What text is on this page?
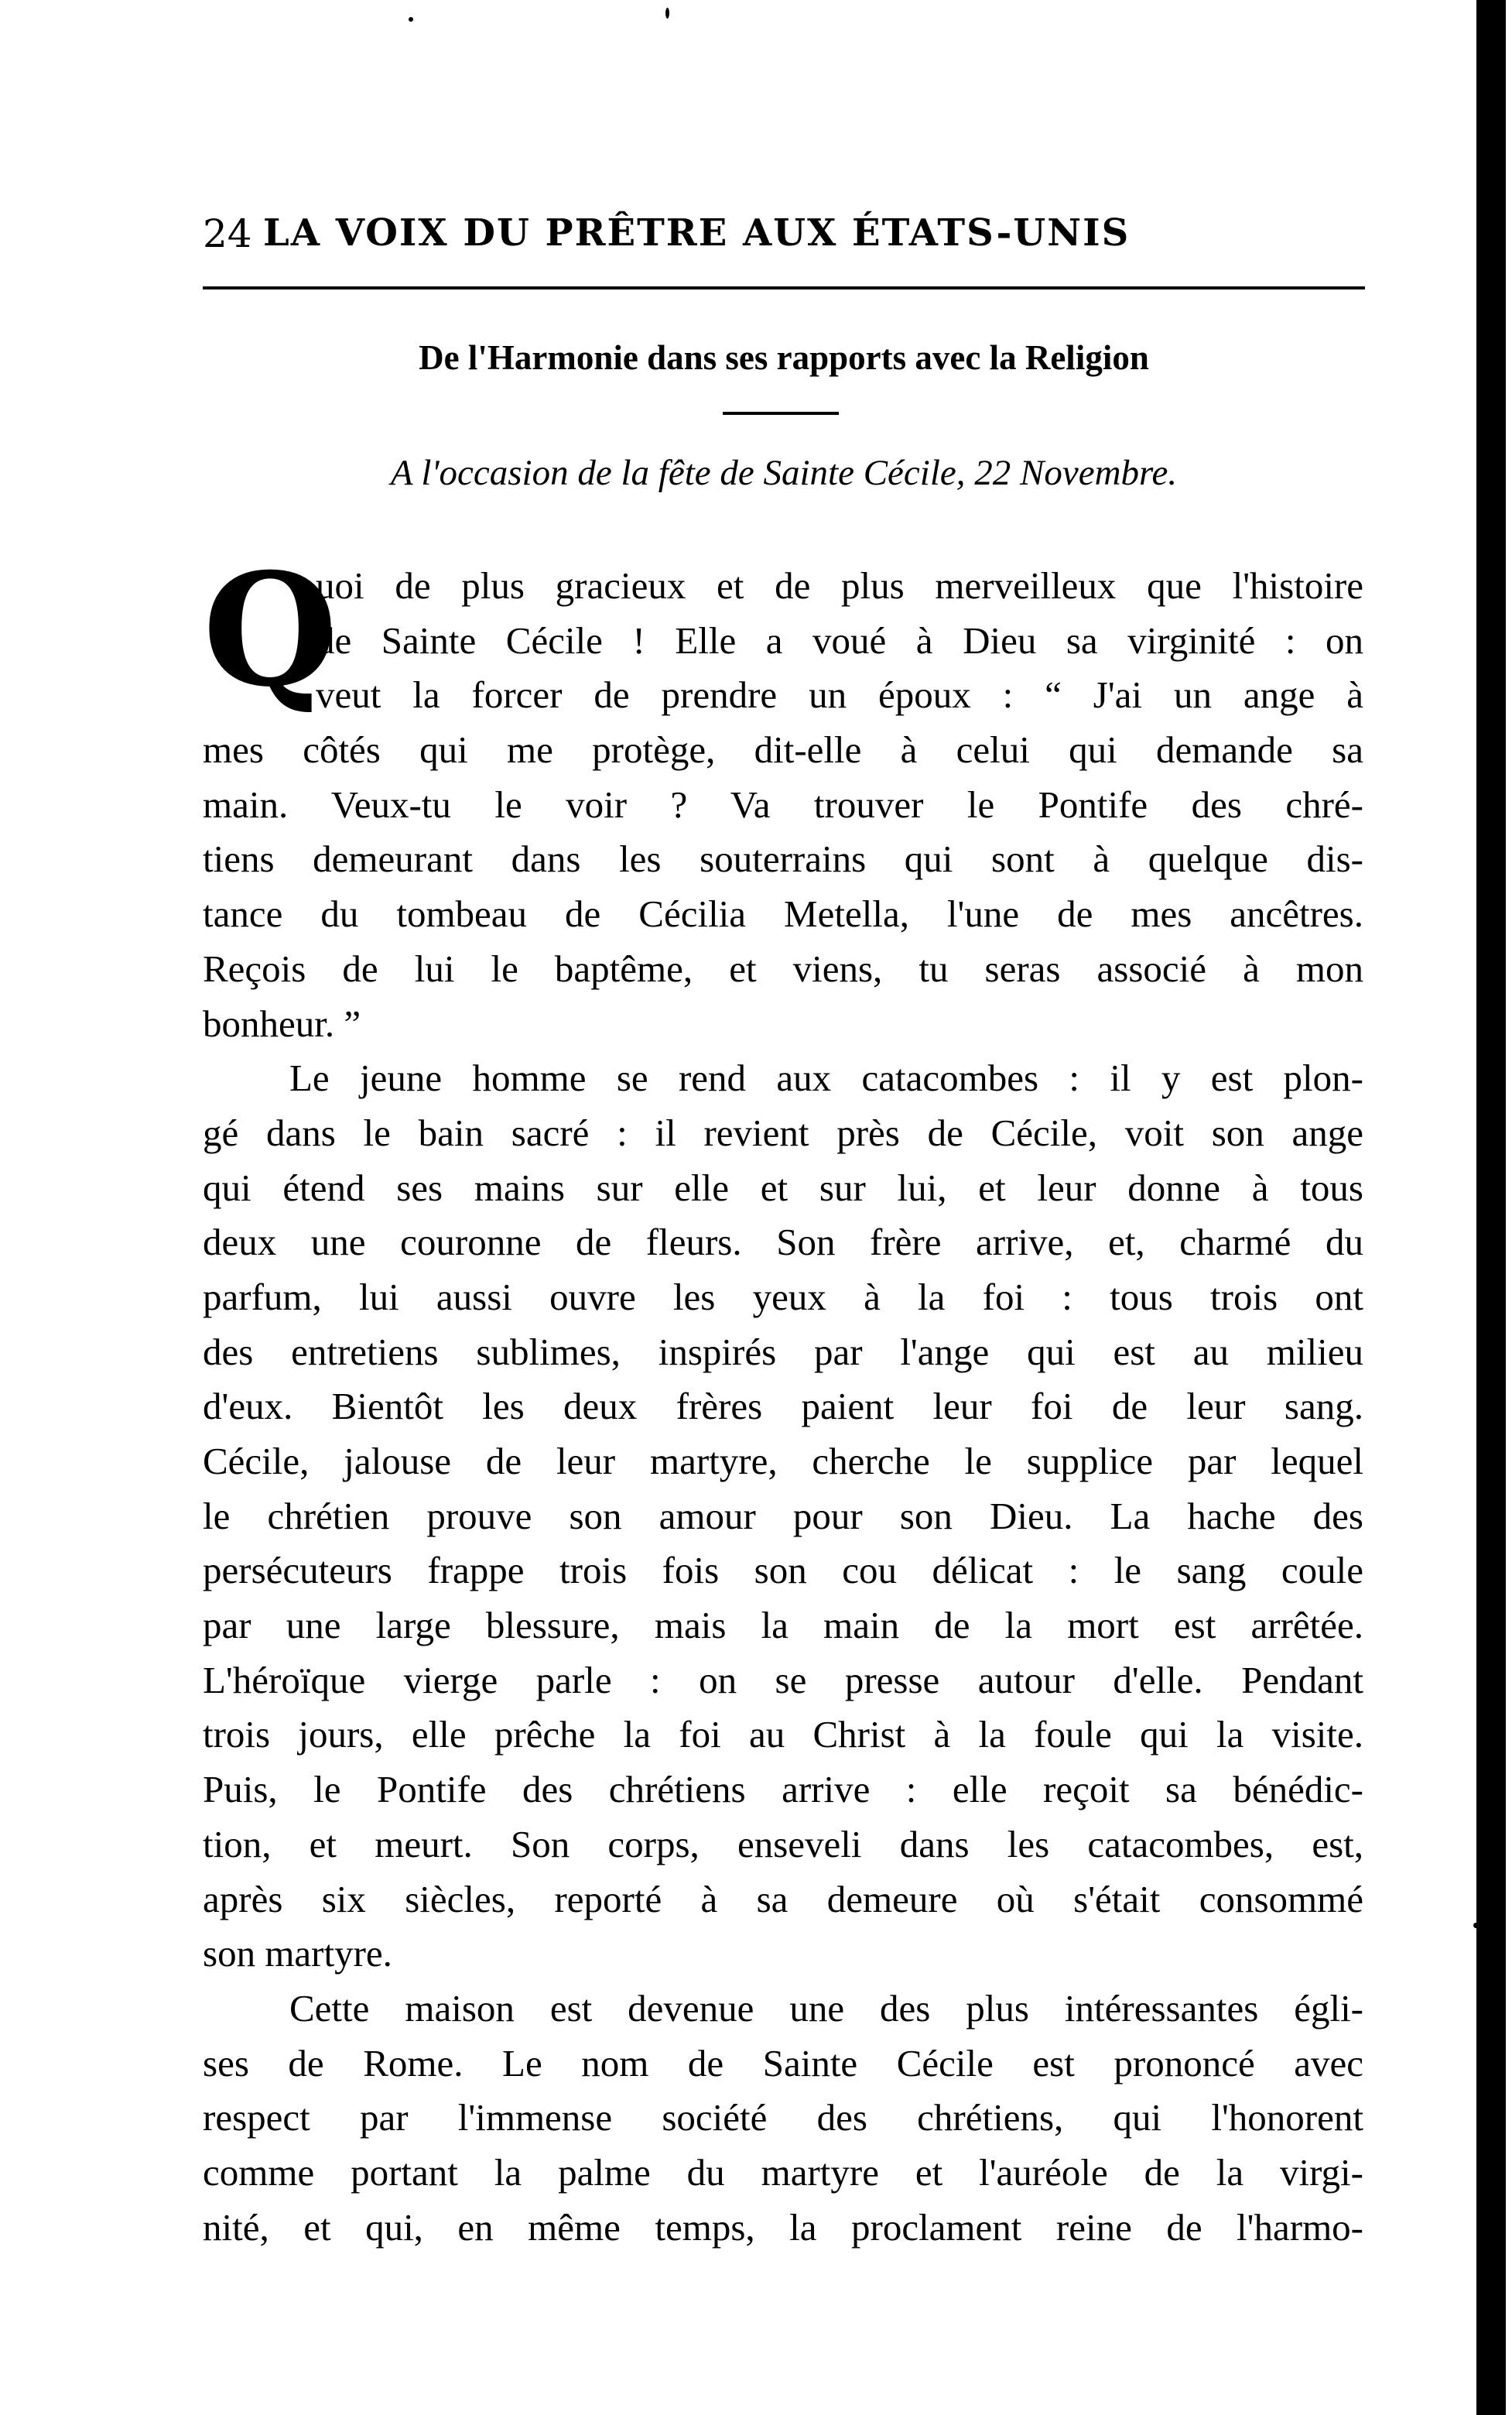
24 LA VOIX DU PRÊTRE AUX ÉTATS-UNIS
De l'Harmonie dans ses rapports avec la Religion
A l'occasion de la fête de Sainte Cécile, 22 Novembre.
Q
uoi de plus gracieux et de plus merveilleux que l'histoire
de Sainte Cécile ! Elle a voué à Dieu sa virginité : on
veut la forcer de prendre un époux : “ J'ai un ange à
mes côtés qui me protège, dit-elle à celui qui demande sa
main. Veux-tu le voir ? Va trouver le Pontife des chré-
tiens demeurant dans les souterrains qui sont à quelque dis-
tance du tombeau de Cécilia Metella, l'une de mes ancêtres.
Reçois de lui le baptême, et viens, tu seras associé à mon
bonheur. ”
Le jeune homme se rend aux catacombes : il y est plon-
gé dans le bain sacré : il revient près de Cécile, voit son ange
qui étend ses mains sur elle et sur lui, et leur donne à tous
deux une couronne de fleurs. Son frère arrive, et, charmé du
parfum, lui aussi ouvre les yeux à la foi : tous trois ont
des entretiens sublimes, inspirés par l'ange qui est au milieu
d'eux. Bientôt les deux frères paient leur foi de leur sang.
Cécile, jalouse de leur martyre, cherche le supplice par lequel
le chrétien prouve son amour pour son Dieu. La hache des
persécuteurs frappe trois fois son cou délicat : le sang coule
par une large blessure, mais la main de la mort est arrêtée.
L'héroïque vierge parle : on se presse autour d'elle. Pendant
trois jours, elle prêche la foi au Christ à la foule qui la visite.
Puis, le Pontife des chrétiens arrive : elle reçoit sa bénédic-
tion, et meurt. Son corps, enseveli dans les catacombes, est,
après six siècles, reporté à sa demeure où s'était consommé
son martyre.
Cette maison est devenue une des plus intéressantes égli-
ses de Rome. Le nom de Sainte Cécile est prononcé avec
respect par l'immense société des chrétiens, qui l'honorent
comme portant la palme du martyre et l'auréole de la virgi-
nité, et qui, en même temps, la proclament reine de l'harmo-
